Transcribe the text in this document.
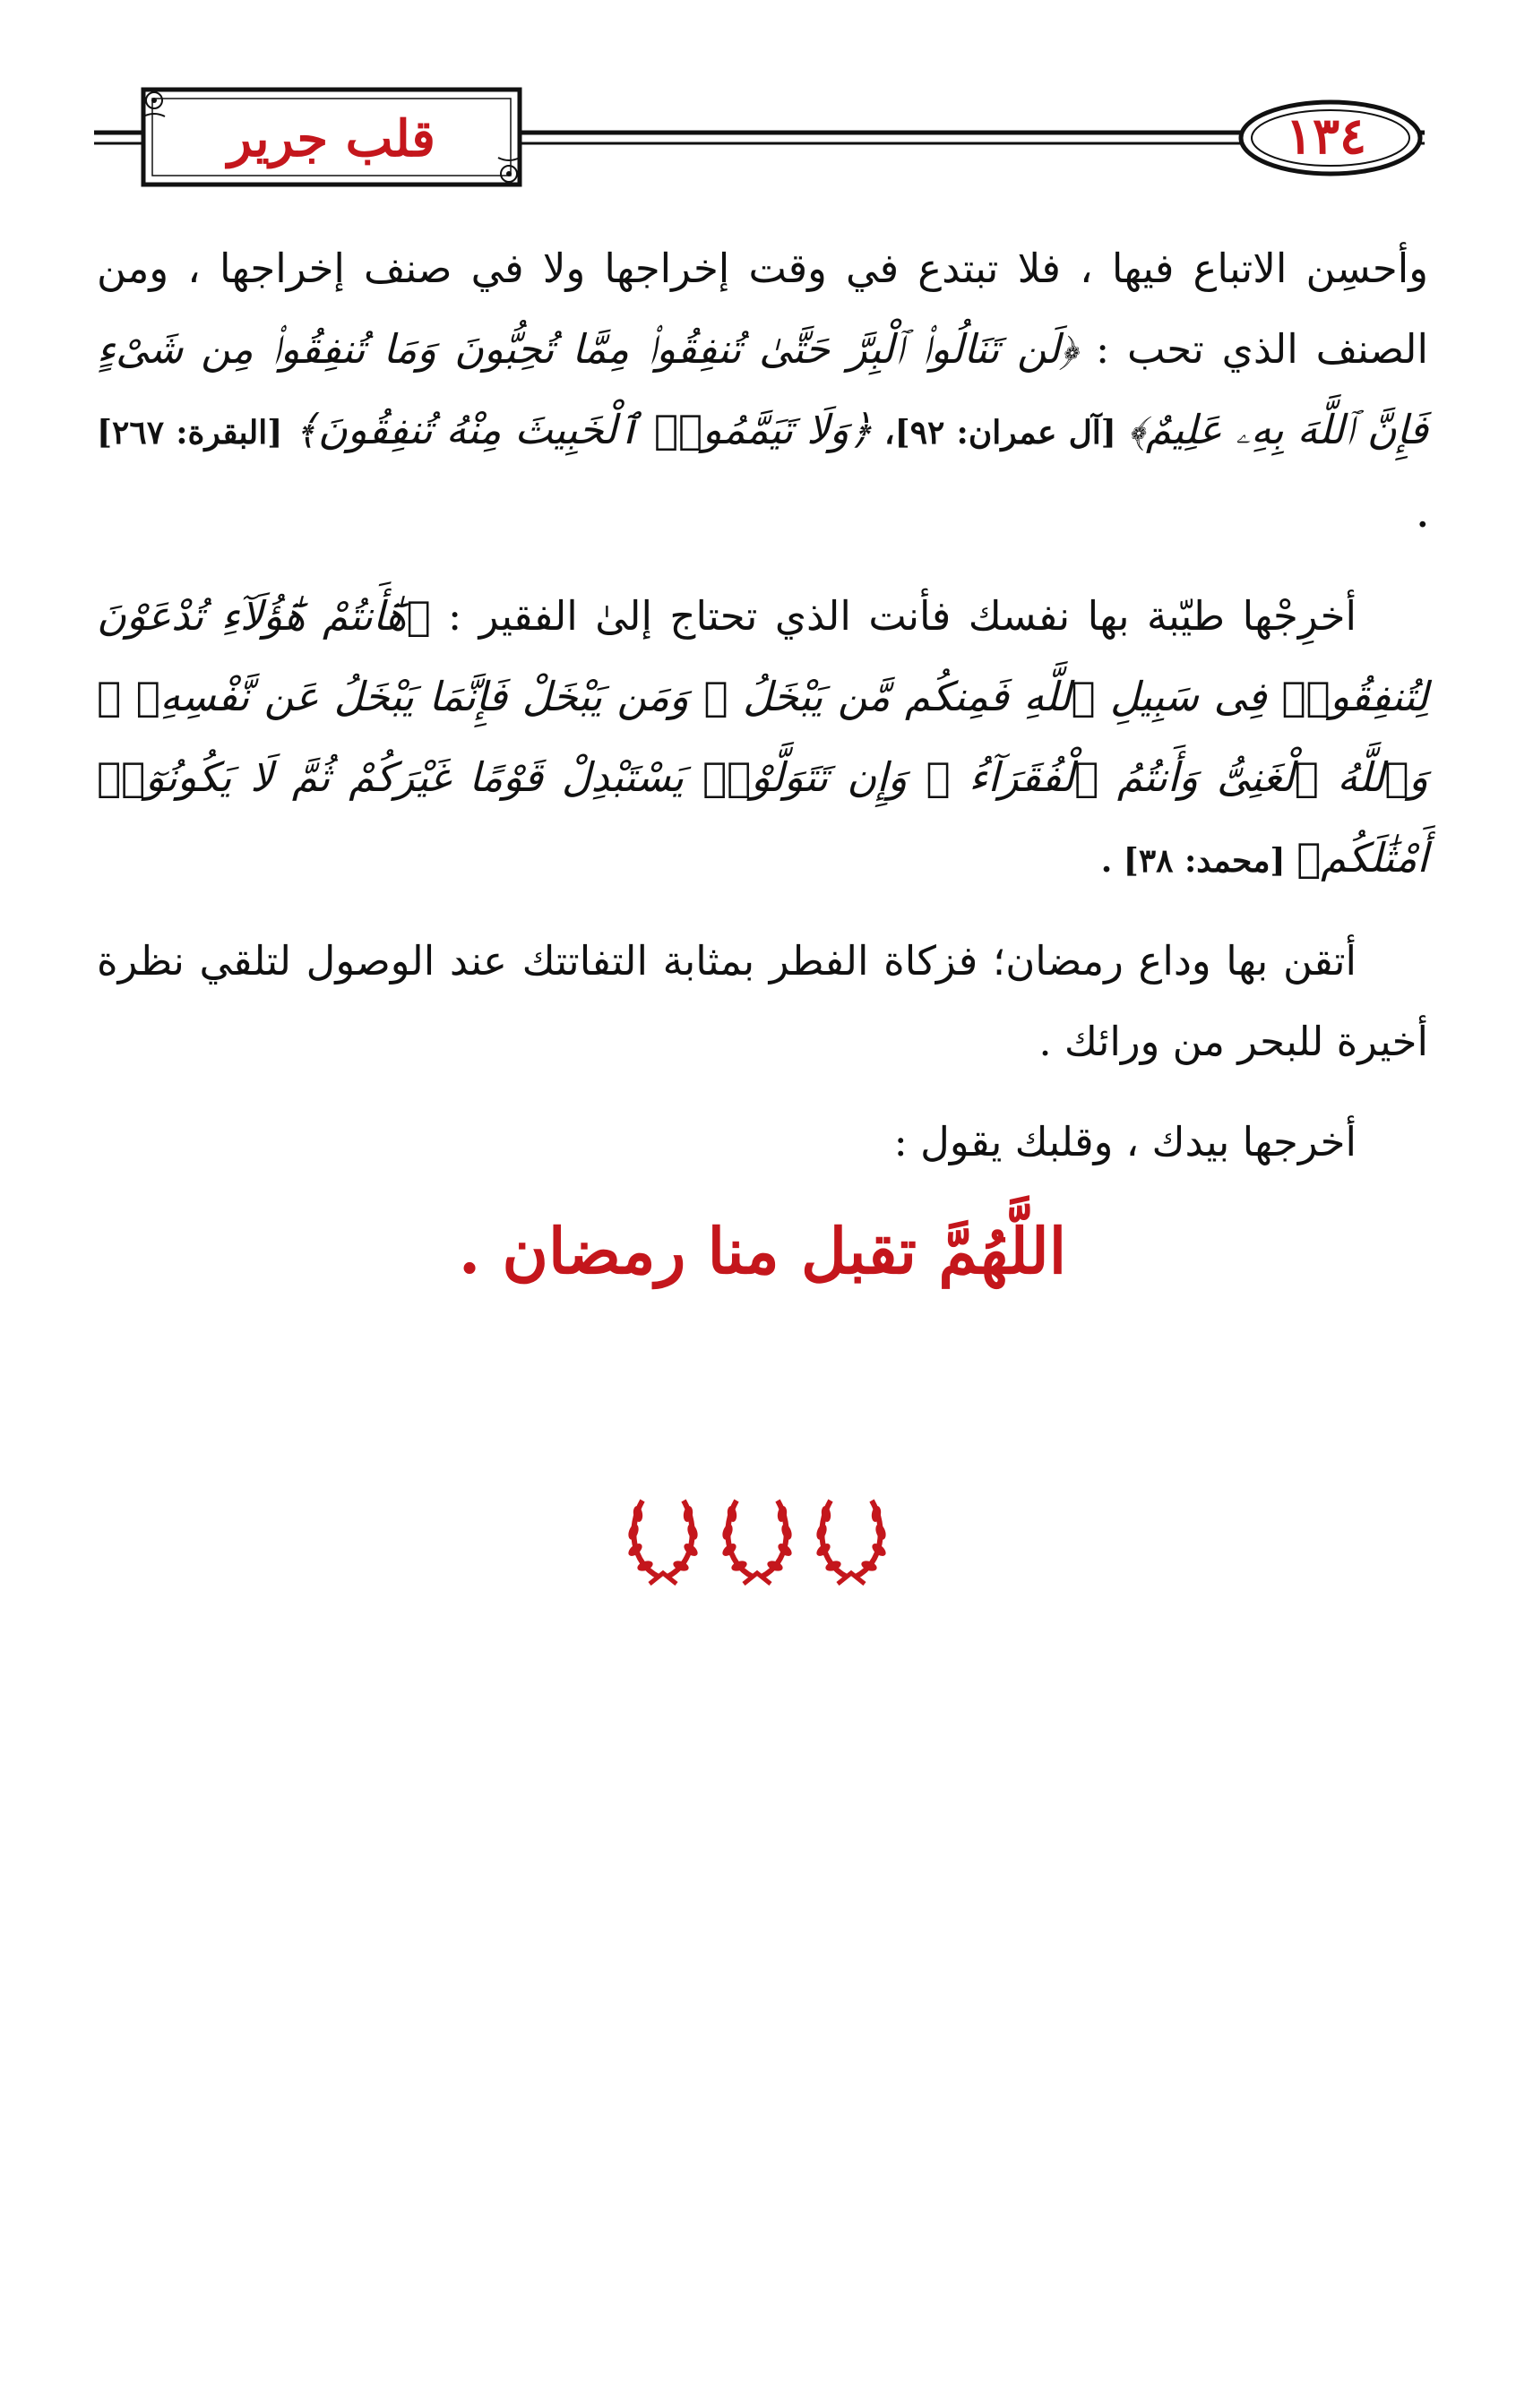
قلب جرير	١٣٤

وأحسِن الاتباع فيها ، فلا تبتدع في وقت إخراجها ولا في صنف إخراجها ، ومن الصنف الذي تحب : ﴿لَن تَنَالُوا۟ ٱلْبِرَّ حَتَّىٰ تُنفِقُوا۟ مِمَّا تُحِبُّونَ وَمَا تُنفِقُوا۟ مِن شَىْءٍ فَإِنَّ ٱللَّهَ بِهِۦ عَلِيمٌ﴾ [آل عمران: ٩٢]، ﴿وَلَا تَيَمَّمُوا۟ ٱلْخَبِيثَ مِنْهُ تُنفِقُونَ﴾ [البقرة: ٢٦٧] .

أخرِجْها طيّبة بها نفسك فأنت الذي تحتاج إلىٰ الفقير : ﴿هَٰٓأَنتُمْ هَٰٓؤُلَآءِ تُدْعَوْنَ لِتُنفِقُوا۟ فِى سَبِيلِ ٱللَّهِ فَمِنكُم مَّن يَبْخَلُ ۖ وَمَن يَبْخَلْ فَإِنَّمَا يَبْخَلُ عَن نَّفْسِهِۦ ۚ وَٱللَّهُ ٱلْغَنِىُّ وَأَنتُمُ ٱلْفُقَرَآءُ ۚ وَإِن تَتَوَلَّوْا۟ يَسْتَبْدِلْ قَوْمًا غَيْرَكُمْ ثُمَّ لَا يَكُونُوٓا۟ أَمْثَٰلَكُم﴾ [محمد: ٣٨] .

أتقن بها وداع رمضان؛ فزكاة الفطر بمثابة التفاتتك عند الوصول لتلقي نظرة أخيرة للبحر من ورائك .

أخرجها بيدك ، وقلبك يقول :

اللَّهُمَّ تقبل منا رمضان .
